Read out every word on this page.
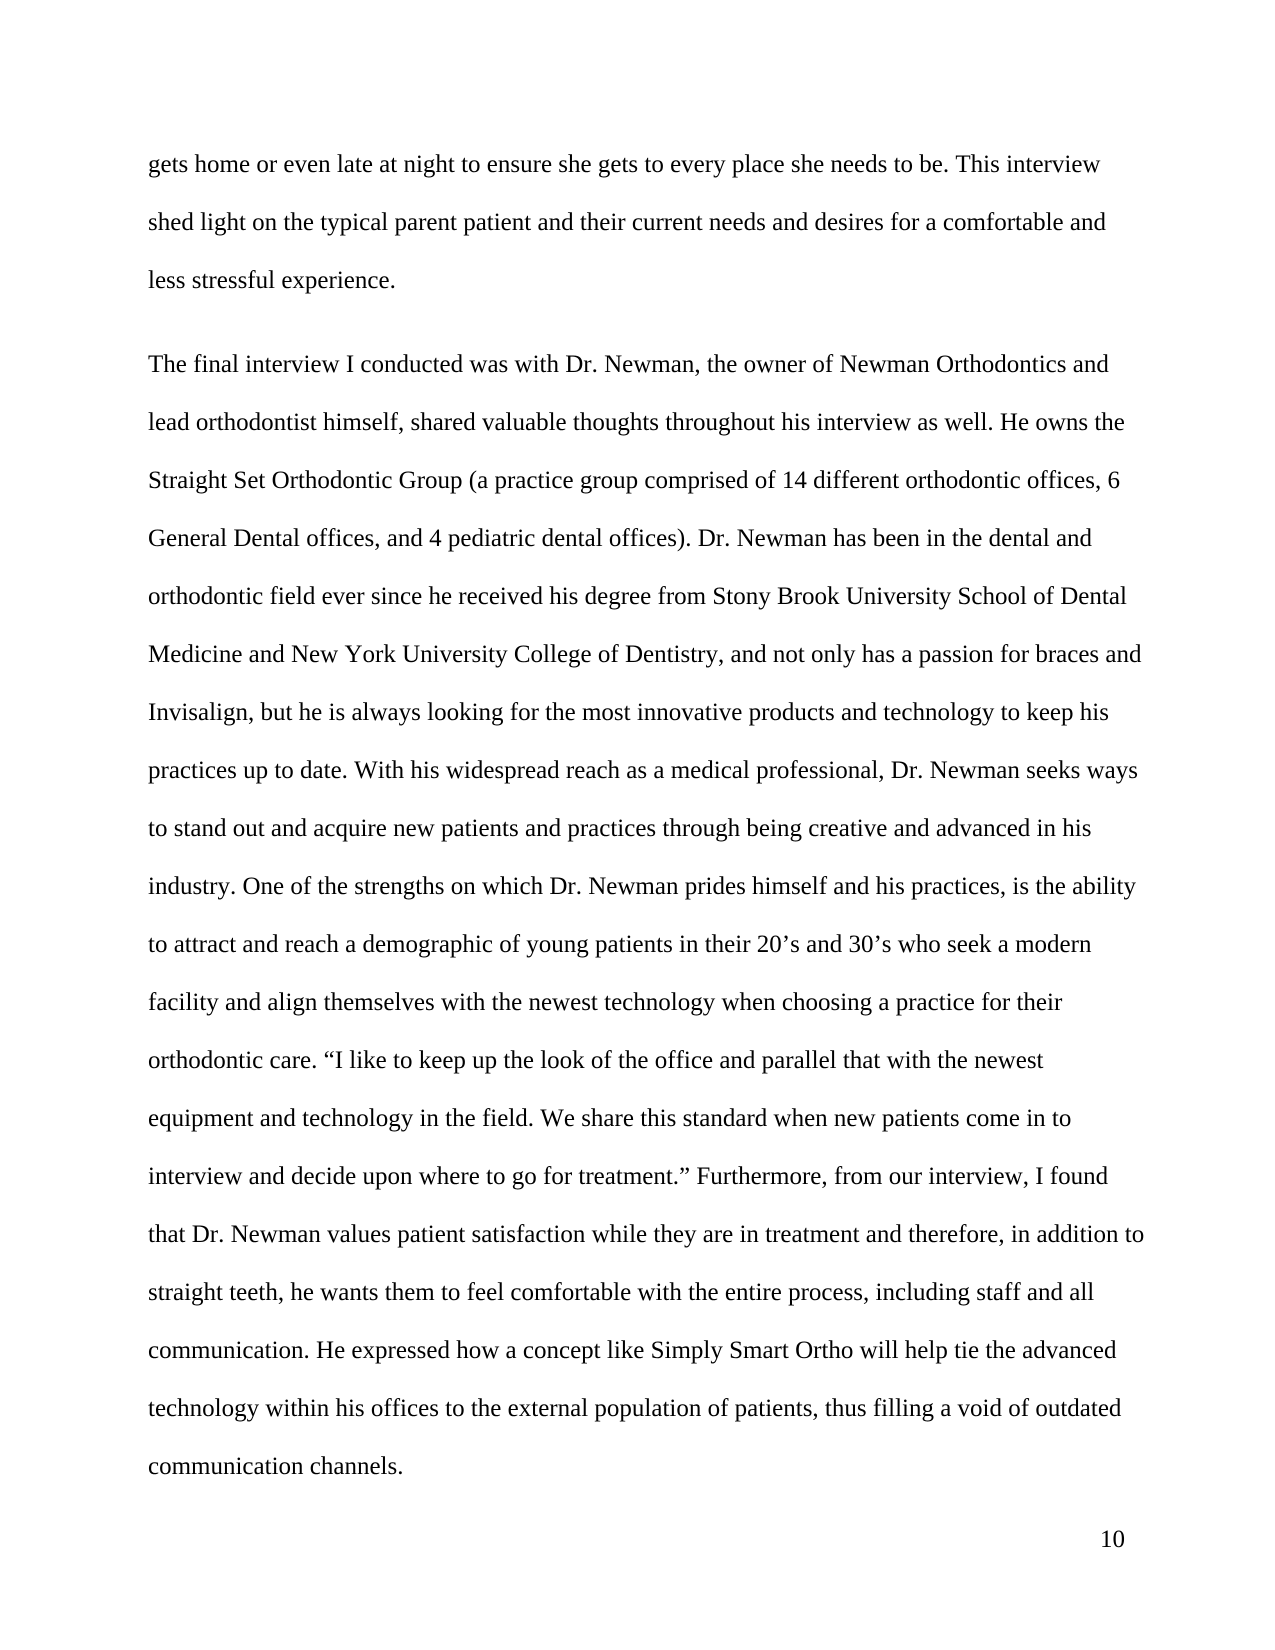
gets home or even late at night to ensure she gets to every place she needs to be. This interview shed light on the typical parent patient and their current needs and desires for a comfortable and less stressful experience.

The final interview I conducted was with Dr. Newman, the owner of Newman Orthodontics and lead orthodontist himself, shared valuable thoughts throughout his interview as well. He owns the Straight Set Orthodontic Group (a practice group comprised of 14 different orthodontic offices, 6 General Dental offices, and 4 pediatric dental offices). Dr. Newman has been in the dental and orthodontic field ever since he received his degree from Stony Brook University School of Dental Medicine and New York University College of Dentistry, and not only has a passion for braces and Invisalign, but he is always looking for the most innovative products and technology to keep his practices up to date. With his widespread reach as a medical professional, Dr. Newman seeks ways to stand out and acquire new patients and practices through being creative and advanced in his industry. One of the strengths on which Dr. Newman prides himself and his practices, is the ability to attract and reach a demographic of young patients in their 20’s and 30’s who seek a modern facility and align themselves with the newest technology when choosing a practice for their orthodontic care. “I like to keep up the look of the office and parallel that with the newest equipment and technology in the field. We share this standard when new patients come in to interview and decide upon where to go for treatment.” Furthermore, from our interview, I found that Dr. Newman values patient satisfaction while they are in treatment and therefore, in addition to straight teeth, he wants them to feel comfortable with the entire process, including staff and all communication. He expressed how a concept like Simply Smart Ortho will help tie the advanced technology within his offices to the external population of patients, thus filling a void of outdated communication channels.

10
